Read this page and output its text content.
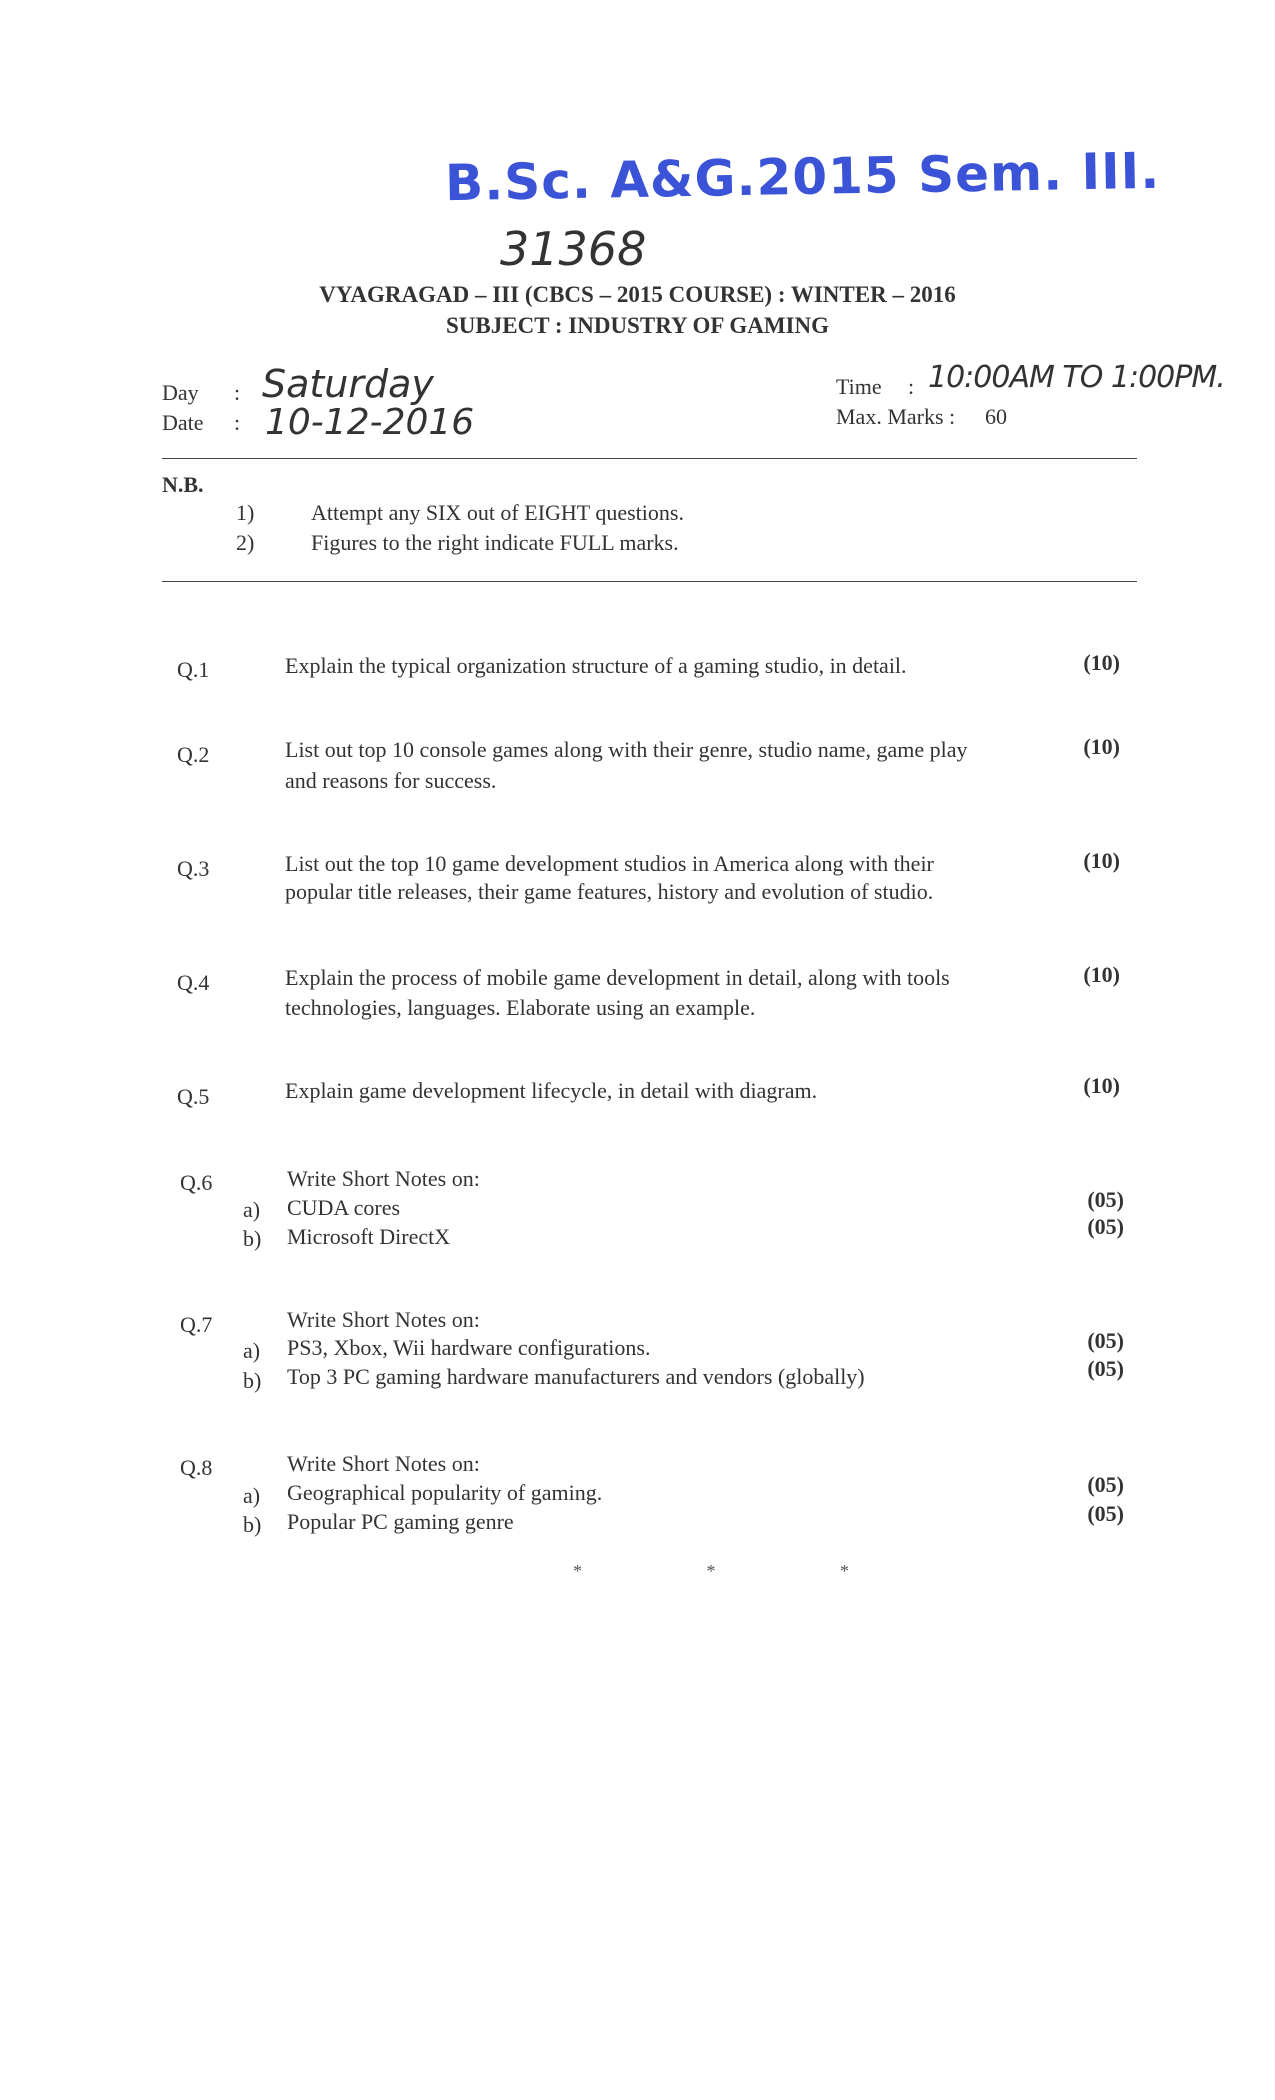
B.Sc. A&G.2015 Sem. III.
31368
VYAGRAGAD – III (CBCS – 2015 COURSE) : WINTER – 2016
SUBJECT : INDUSTRY OF GAMING
Day : Saturday
Date : 10-12-2016
Time : 10:00AM TO 1:00PM.
Max. Marks : 60
N.B.
1)	Attempt any SIX out of EIGHT questions.
2)	Figures to the right indicate FULL marks.
Q.1	Explain the typical organization structure of a gaming studio, in detail.	(10)
Q.2	List out top 10 console games along with their genre, studio name, game play
and reasons for success.
(10)
Q.3	List out the top 10 game development studios in America along with their
popular title releases, their game features, history and evolution of studio.
(10)
Q.4	Explain the process of mobile game development in detail, along with tools
technologies, languages. Elaborate using an example.
(10)
Q.5	Explain game development lifecycle, in detail with diagram.	(10)
Q.6	Write Short Notes on:
a) CUDA cores	(05)
b) Microsoft DirectX	(05)
Q.7	Write Short Notes on:
a) PS3, Xbox, Wii hardware configurations.	(05)
b) Top 3 PC gaming hardware manufacturers and vendors (globally)	(05)
Q.8	Write Short Notes on:
a) Geographical popularity of gaming.	(05)
b) Popular PC gaming genre	(05)
* * *
